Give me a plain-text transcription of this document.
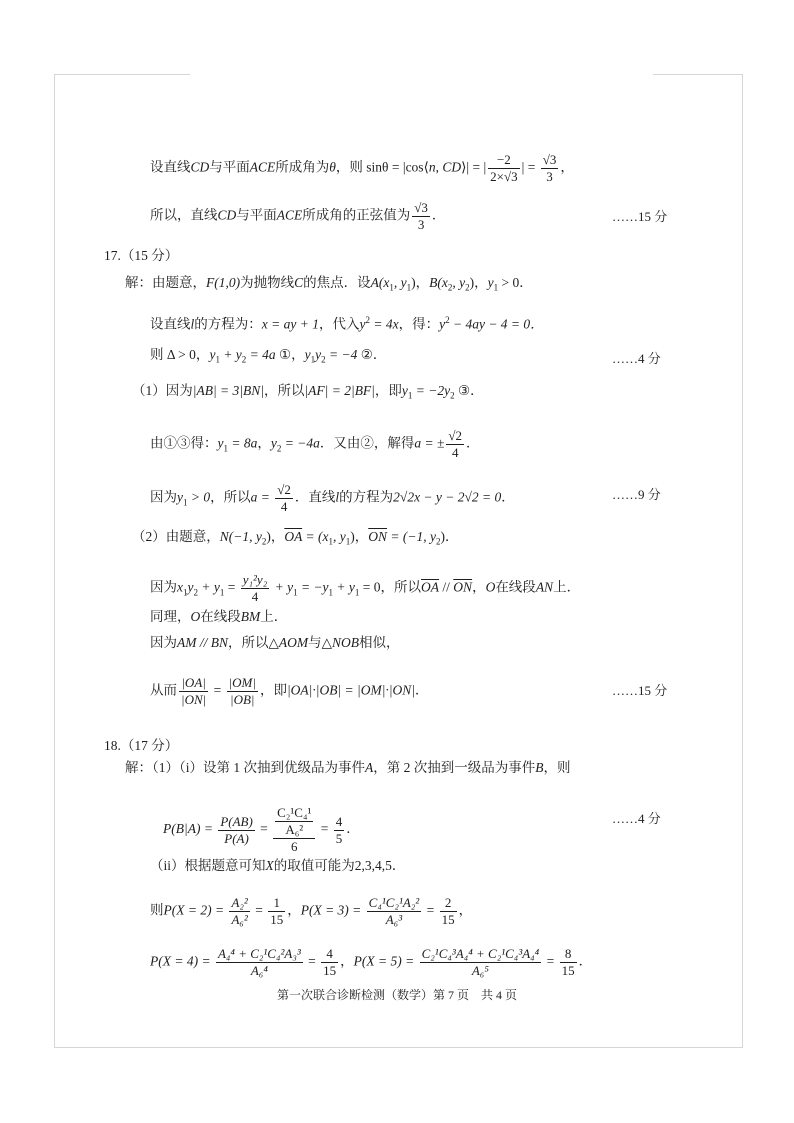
设直线CD与平面ACE所成角为θ，则 sinθ = |cos⟨n, CD⟩| = | $\frac{-2}{2\times√3}$ | = $\frac{√3}{3}$ ，
所以，直线CD与平面ACE所成角的正弦值为 $\frac{√3}{3}$ ．	……15 分
17.（15 分）
解：由题意，F(1,0)为抛物线C的焦点．设$A(x_1$, $y_1$)，$B(x_2$, $y_2$)，$y_1 > 0$．
设直线l的方程为：x = ay + 1，代入$y^2 = 4x$，得：$y^2 - 4ay - 4 = 0$．
则 Δ > 0，$y_1 + y_2 = 4a$ ①，$y_1y_2 = -4$ ②．	……4 分
（1）因为|AB| = 3|BN|，所以|AF| = 2|BF|，即$y_1 = -2y_2$ ③．
由①③得：$y_1 = 8a$，$y_2 = -4a$．又由②，解得a = ± $\frac{√2}{4}$ ．
因为$y_1 > 0$，所以$a = \frac{√2}{4}$ ．直线l的方程为2√2x − y − 2√2 = 0．	……9 分
（2）由题意，N(−1, $y_2$)，$\overline{OA} = (x_1$, $y_1$)，$\overline{ON} = (-1$, $y_2$)．
因为$x_1y_2 + y_1 = \frac{\text{y₁²y₂}}{4} + y_1 = -y_1 + y_1 = 0$，所以$\overline{OA} // \overline{ON}$，O在线段AN上．
同理，O在线段BM上．
因为AM // BN，所以△AOM与△NOB相似，
从而 $\frac{|OA|}{|ON|} = \frac{|OM|}{|OB|}$ ，即|OA|·|OB| = |OM|·|ON|．	……15 分
18.（17 分）
解：（1）（i）设第 1 次抽到优级品为事件A，第 2 次抽到一级品为事件B，则
$P(B|A) = \frac{P(AB)}{P(A)} = \frac{\frac{\text{C₂¹C₄¹}}{\text{A₆²}}}{6} = \frac{4}{5}$ ．
……4 分
（ii）根据题意可知X的取值可能为2,3,4,5．
则$P(X = 2) = \frac{\text{A₂²}}{\text{A₆²}} = \frac{1}{15}$ ，$P(X = 3) = \frac{\text{C₄¹C₂¹A₂²}}{\text{A₆³}} = \frac{2}{15}$ ，
$P(X = 4) = \frac{\text{A₄⁴ + C₂¹C₄²A₃³}}{\text{A₆⁴}} = \frac{4}{15}$ ，$P(X = 5) = \frac{\text{C₂¹C₄³A₄⁴ + C₂¹C₄³A₄⁴}}{\text{A₆⁵}} = \frac{8}{15}$ ．
第一次联合诊断检测（数学）第 7 页　共 4 页
